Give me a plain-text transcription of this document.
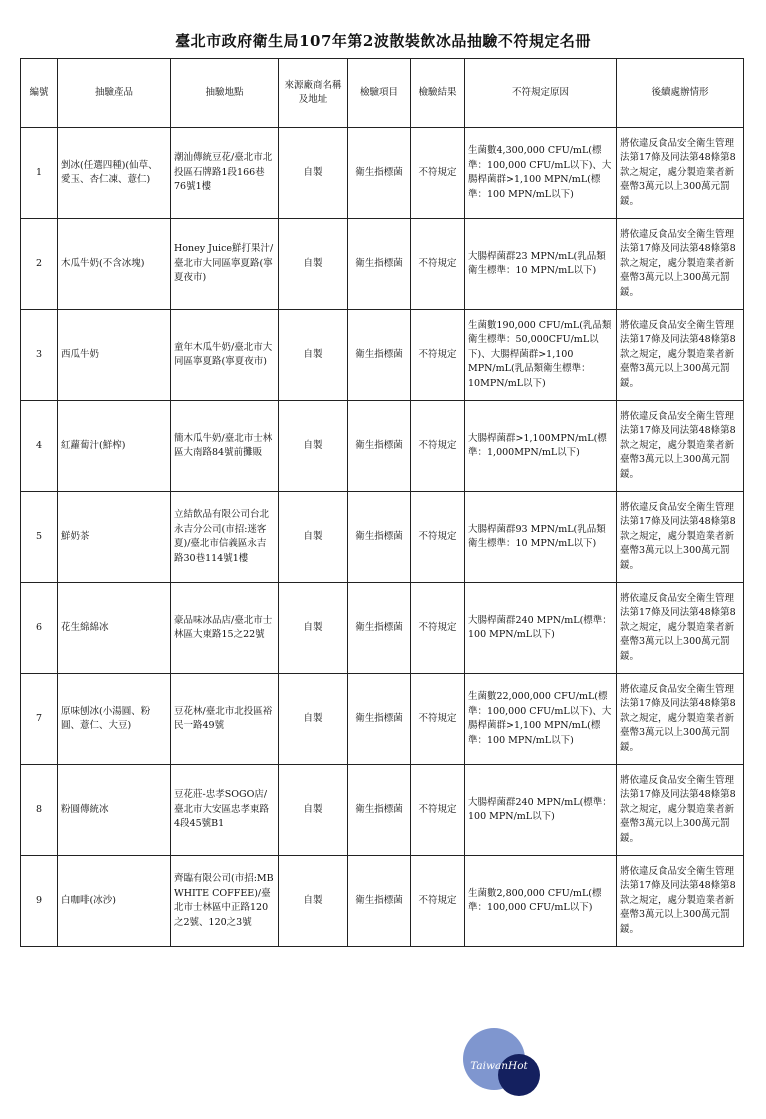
臺北市政府衛生局107年第2波散裝飲冰品抽驗不符規定名冊
編號	抽驗產品	抽驗地點	來源廠商名稱及地址	檢驗項目	檢驗結果	不符規定原因	後續處辦情形
1	剉冰(任選四種)(仙草、愛玉、杏仁凍、薏仁)	潮汕傳統豆花/臺北市北投區石牌路1段166巷76號1樓	自製	衛生指標菌	不符規定	生菌數4,300,000 CFU/mL(標準：100,000 CFU/mL以下)、大腸桿菌群>1,100 MPN/mL(標準：100 MPN/mL以下)	將依違反食品安全衛生管理法第17條及同法第48條第8款之規定，處分製造業者新臺幣3萬元以上300萬元罰鍰。
2	木瓜牛奶(不含冰塊)	Honey Juice鮮打果汁/臺北市大同區寧夏路(寧夏夜市)	自製	衛生指標菌	不符規定	大腸桿菌群23 MPN/mL(乳品類衛生標準：10 MPN/mL以下)	將依違反食品安全衛生管理法第17條及同法第48條第8款之規定，處分製造業者新臺幣3萬元以上300萬元罰鍰。
3	西瓜牛奶	童年木瓜牛奶/臺北市大同區寧夏路(寧夏夜市)	自製	衛生指標菌	不符規定	生菌數190,000 CFU/mL(乳品類衛生標準：50,000CFU/mL以下)、大腸桿菌群>1,100 MPN/mL(乳品類衛生標準：10MPN/mL以下)	將依違反食品安全衛生管理法第17條及同法第48條第8款之規定，處分製造業者新臺幣3萬元以上300萬元罰鍰。
4	紅蘿蔔汁(鮮榨)	簡木瓜牛奶/臺北市士林區大南路84號前攤販	自製	衛生指標菌	不符規定	大腸桿菌群>1,100MPN/mL(標準：1,000MPN/mL以下)	將依違反食品安全衛生管理法第17條及同法第48條第8款之規定，處分製造業者新臺幣3萬元以上300萬元罰鍰。
5	鮮奶茶	立結飲品有限公司台北永吉分公司(市招:迷客夏)/臺北市信義區永吉路30巷114號1樓	自製	衛生指標菌	不符規定	大腸桿菌群93 MPN/mL(乳品類衛生標準：10 MPN/mL以下)	將依違反食品安全衛生管理法第17條及同法第48條第8款之規定，處分製造業者新臺幣3萬元以上300萬元罰鍰。
6	花生綿綿冰	豪品味冰品店/臺北市士林區大東路15之22號	自製	衛生指標菌	不符規定	大腸桿菌群240 MPN/mL(標準：100 MPN/mL以下)	將依違反食品安全衛生管理法第17條及同法第48條第8款之規定，處分製造業者新臺幣3萬元以上300萬元罰鍰。
7	原味刨冰(小湯圓、粉圓、薏仁、大豆)	豆花林/臺北市北投區裕民一路49號	自製	衛生指標菌	不符規定	生菌數22,000,000 CFU/mL(標準：100,000 CFU/mL以下)、大腸桿菌群>1,100 MPN/mL(標準：100 MPN/mL以下)	將依違反食品安全衛生管理法第17條及同法第48條第8款之規定，處分製造業者新臺幣3萬元以上300萬元罰鍰。
8	粉圓傳統冰	豆花莊-忠孝SOGO店/臺北市大安區忠孝東路4段45號B1	自製	衛生指標菌	不符規定	大腸桿菌群240 MPN/mL(標準：100 MPN/mL以下)	將依違反食品安全衛生管理法第17條及同法第48條第8款之規定，處分製造業者新臺幣3萬元以上300萬元罰鍰。
9	白咖啡(冰沙)	齊臨有限公司(市招:MB WHITE COFFEE)/臺北市士林區中正路120之2號、120之3號	自製	衛生指標菌	不符規定	生菌數2,800,000 CFU/mL(標準：100,000 CFU/mL以下)	將依違反食品安全衛生管理法第17條及同法第48條第8款之規定，處分製造業者新臺幣3萬元以上300萬元罰鍰。
TaiwanHot
